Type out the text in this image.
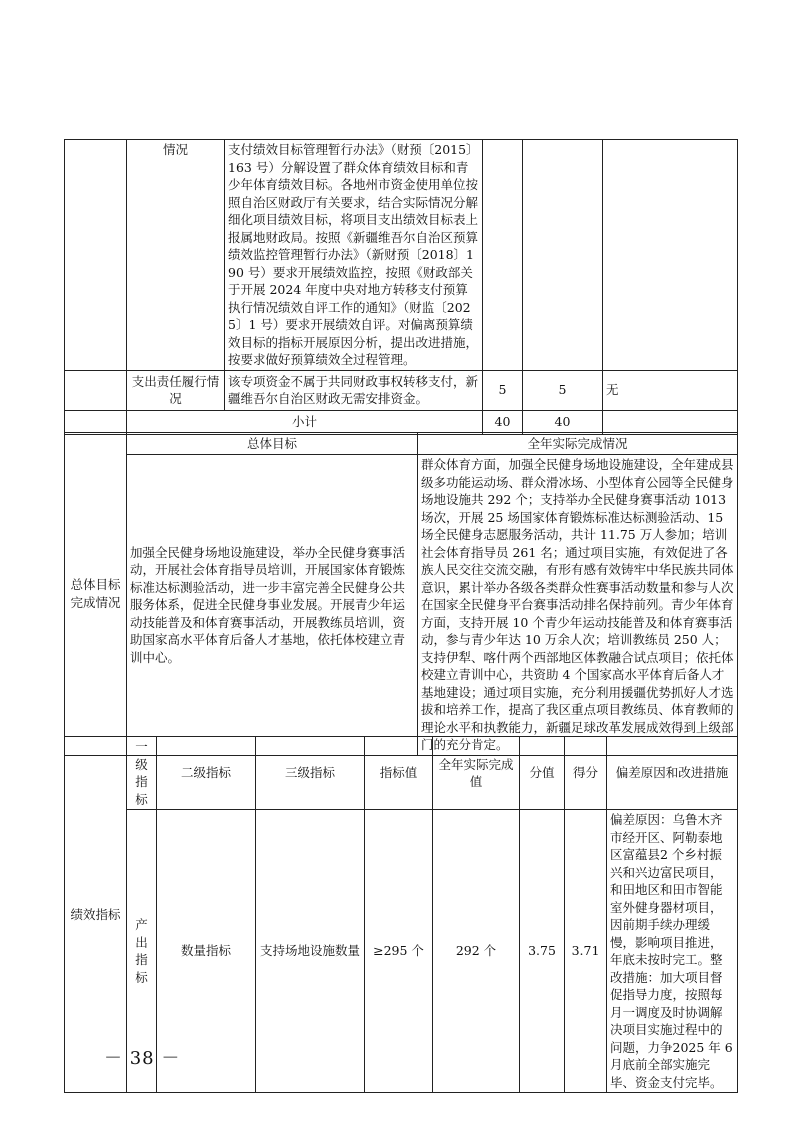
	情况	支付绩效目标管理暂行办法》（财预〔2015〕163 号）分解设置了群众体育绩效目标和青少年体育绩效目标。各地州市资金使用单位按照自治区财政厅有关要求，结合实际情况分解细化项目绩效目标，将项目支出绩效目标表上报属地财政局。按照《新疆维吾尔自治区预算绩效监控管理暂行办法》（新财预〔2018〕190 号）要求开展绩效监控，按照《财政部关于开展 2024 年度中央对地方转移支付预算执行情况绩效自评工作的通知》（财监〔2025〕1 号）要求开展绩效自评。对偏离预算绩效目标的指标开展原因分析，提出改进措施，按要求做好预算绩效全过程管理。			
	支出责任履行情况	该专项资金不属于共同财政事权转移支付，新疆维吾尔自治区财政无需安排资金。	5	5	无
	小计		40	40	
总体目标完成情况	总体目标	全年实际完成情况
	加强全民健身场地设施建设，举办全民健身赛事活动，开展社会体育指导员培训，开展国家体育锻炼标准达标测验活动，进一步丰富完善全民健身公共服务体系，促进全民健身事业发展。开展青少年运动技能普及和体育赛事活动，开展教练员培训，资助国家高水平体育后备人才基地，依托体校建立青训中心。	群众体育方面，加强全民健身场地设施建设，全年建成县级多功能运动场、群众滑冰场、小型体育公园等全民健身场地设施共 292 个；支持举办全民健身赛事活动 1013 场次，开展 25 场国家体育锻炼标准达标测验活动、15 场全民健身志愿服务活动，共计 11.75 万人参加；培训社会体育指导员 261 名；通过项目实施，有效促进了各族人民交往交流交融，有形有感有效铸牢中华民族共同体意识，累计举办各级各类群众性赛事活动数量和参与人次在国家全民健身平台赛事活动排名保持前列。青少年体育方面，支持开展 10 个青少年运动技能普及和体育赛事活动，参与青少年达 10 万余人次；培训教练员 250 人；支持伊犁、喀什两个西部地区体教融合试点项目；依托体校建立青训中心，共资助 4 个国家高水平体育后备人才基地建设；通过项目实施，充分利用援疆优势抓好人才选拔和培养工作，提高了我区重点项目教练员、体育教师的理论水平和执教能力，新疆足球改革发展成效得到上级部门的充分肯定。
绩效指标	一级指标	二级指标	三级指标	指标值	全年实际完成值	分值	得分	偏差原因和改进措施
	产出指标	数量指标	支持场地设施数量	≥295 个	292 个	3.75	3.71	偏差原因：乌鲁木齐市经开区、阿勒泰地区富蕴县2 个乡村振兴和兴边富民项目，和田地区和田市智能室外健身器材项目，因前期手续办理缓慢，影响项目推进，年底未按时完工。整改措施：加大项目督促指导力度，按照每月一调度及时协调解决项目实施过程中的问题，力争2025 年 6 月底前全部实施完毕、资金支付完毕。
－ 38 －
